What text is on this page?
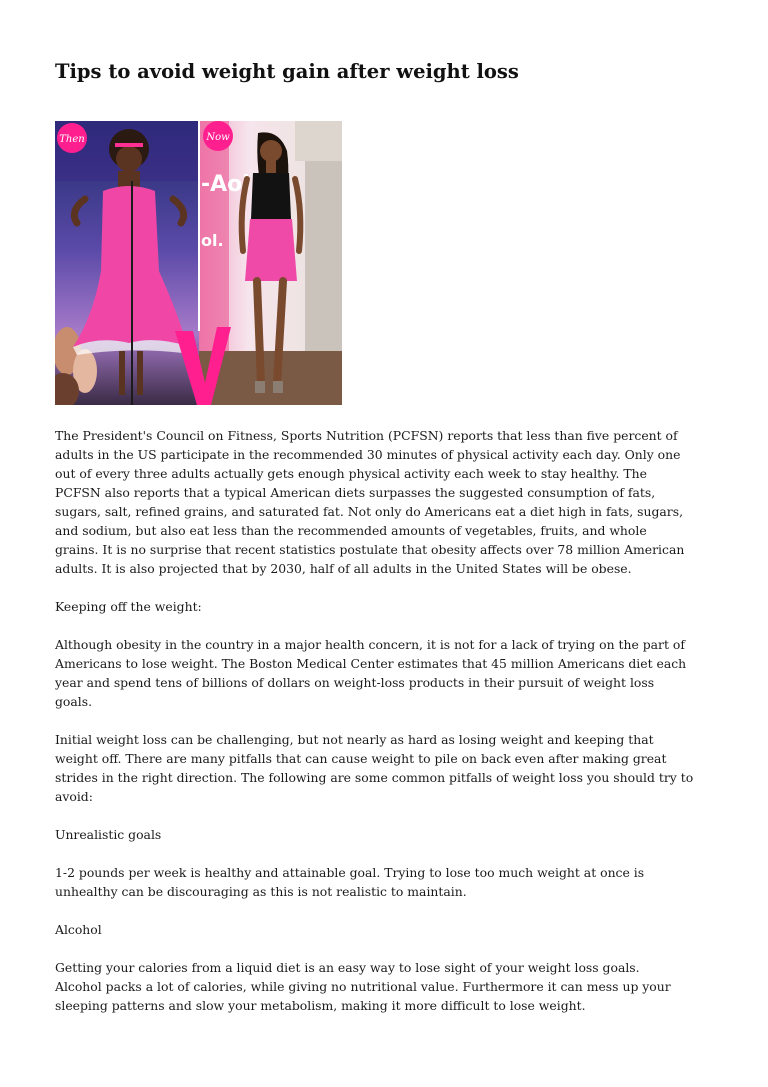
Tips to avoid weight gain after weight loss
Then
-Aol
ol.
Now

The President's Council on Fitness, Sports Nutrition (PCFSN) reports that less than five percent of
adults in the US participate in the recommended 30 minutes of physical activity each day. Only one
out of every three adults actually gets enough physical activity each week to stay healthy. The
PCFSN also reports that a typical American diets surpasses the suggested consumption of fats,
sugars, salt, refined grains, and saturated fat. Not only do Americans eat a diet high in fats, sugars,
and sodium, but also eat less than the recommended amounts of vegetables, fruits, and whole
grains. It is no surprise that recent statistics postulate that obesity affects over 78 million American
adults. It is also projected that by 2030, half of all adults in the United States will be obese.

Keeping off the weight:

Although obesity in the country in a major health concern, it is not for a lack of trying on the part of
Americans to lose weight. The Boston Medical Center estimates that 45 million Americans diet each
year and spend tens of billions of dollars on weight-loss products in their pursuit of weight loss
goals.

Initial weight loss can be challenging, but not nearly as hard as losing weight and keeping that
weight off. There are many pitfalls that can cause weight to pile on back even after making great
strides in the right direction. The following are some common pitfalls of weight loss you should try to
avoid:

Unrealistic goals

1-2 pounds per week is healthy and attainable goal. Trying to lose too much weight at once is
unhealthy can be discouraging as this is not realistic to maintain.

Alcohol

Getting your calories from a liquid diet is an easy way to lose sight of your weight loss goals.
Alcohol packs a lot of calories, while giving no nutritional value. Furthermore it can mess up your
sleeping patterns and slow your metabolism, making it more difficult to lose weight.
